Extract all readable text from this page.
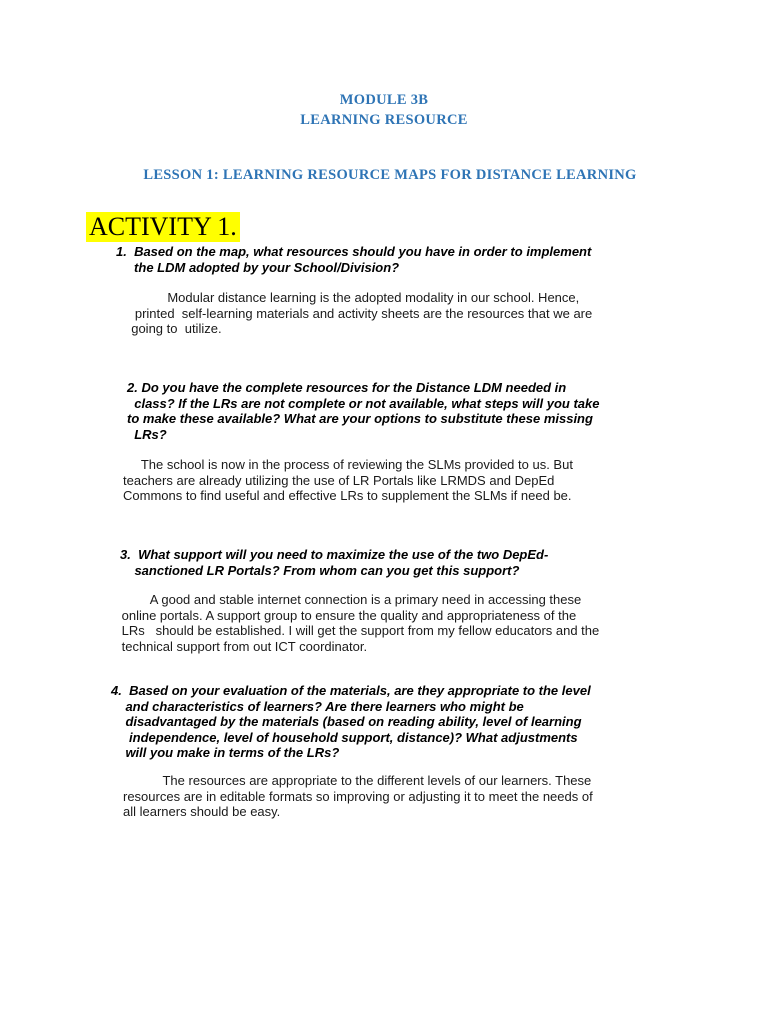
MODULE 3B
LEARNING RESOURCE
LESSON 1: LEARNING RESOURCE MAPS FOR DISTANCE LEARNING
ACTIVITY 1.
1.  Based on the map, what resources should you have in order to implement
the LDM adopted by your School/Division?
Modular distance learning is the adopted modality in our school. Hence,
printed  self-learning materials and activity sheets are the resources that we are
going to  utilize.
2. Do you have the complete resources for the Distance LDM needed in
class? If the LRs are not complete or not available, what steps will you take
to make these available? What are your options to substitute these missing
LRs?
The school is now in the process of reviewing the SLMs provided to us. But
teachers are already utilizing the use of LR Portals like LRMDS and DepEd
Commons to find useful and effective LRs to supplement the SLMs if need be.
3.  What support will you need to maximize the use of the two DepEd-
sanctioned LR Portals? From whom can you get this support?
A good and stable internet connection is a primary need in accessing these
online portals. A support group to ensure the quality and appropriateness of the
LRs   should be established. I will get the support from my fellow educators and the
technical support from out ICT coordinator.
4.  Based on your evaluation of the materials, are they appropriate to the level
and characteristics of learners? Are there learners who might be
disadvantaged by the materials (based on reading ability, level of learning
independence, level of household support, distance)? What adjustments
will you make in terms of the LRs?
The resources are appropriate to the different levels of our learners. These
resources are in editable formats so improving or adjusting it to meet the needs of
all learners should be easy.
